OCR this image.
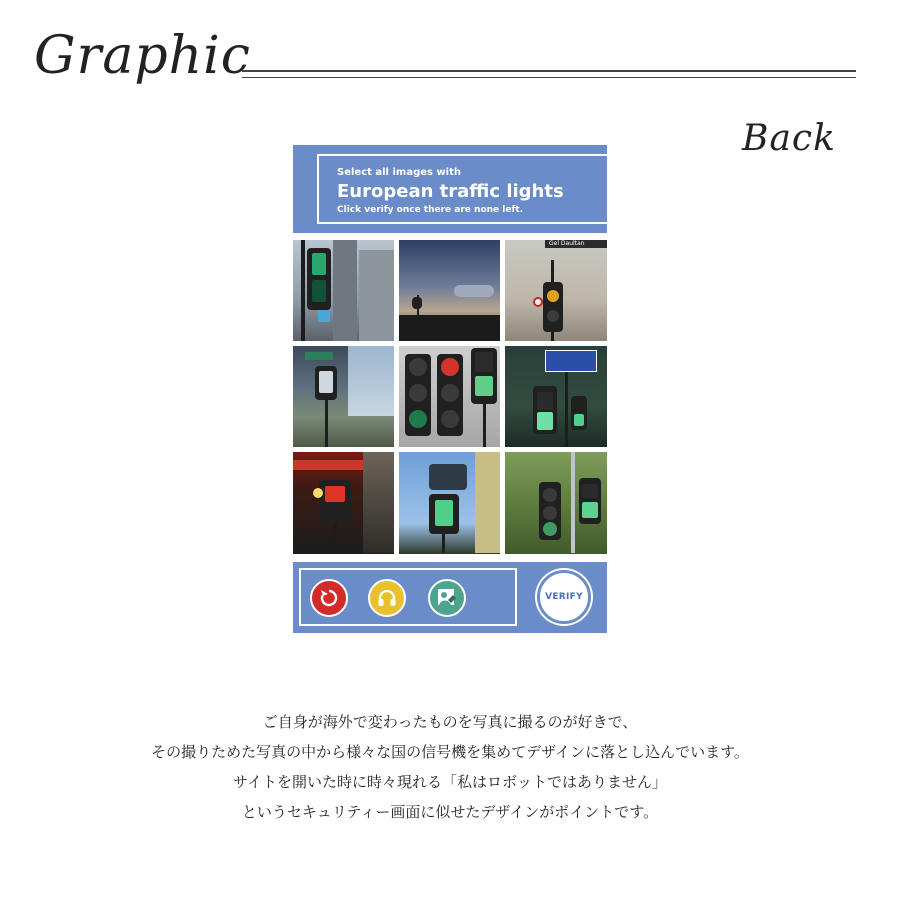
Graphic
Back
Select all images with
European traffic lights
Click verify once there are none left.
Gel Daultan
VERIFY
ご自身が海外で変わったものを写真に撮るのが好きで、
その撮りためた写真の中から様々な国の信号機を集めてデザインに落とし込んでいます。
サイトを開いた時に時々現れる「私はロボットではありません」
というセキュリティー画面に似せたデザインがポイントです。
